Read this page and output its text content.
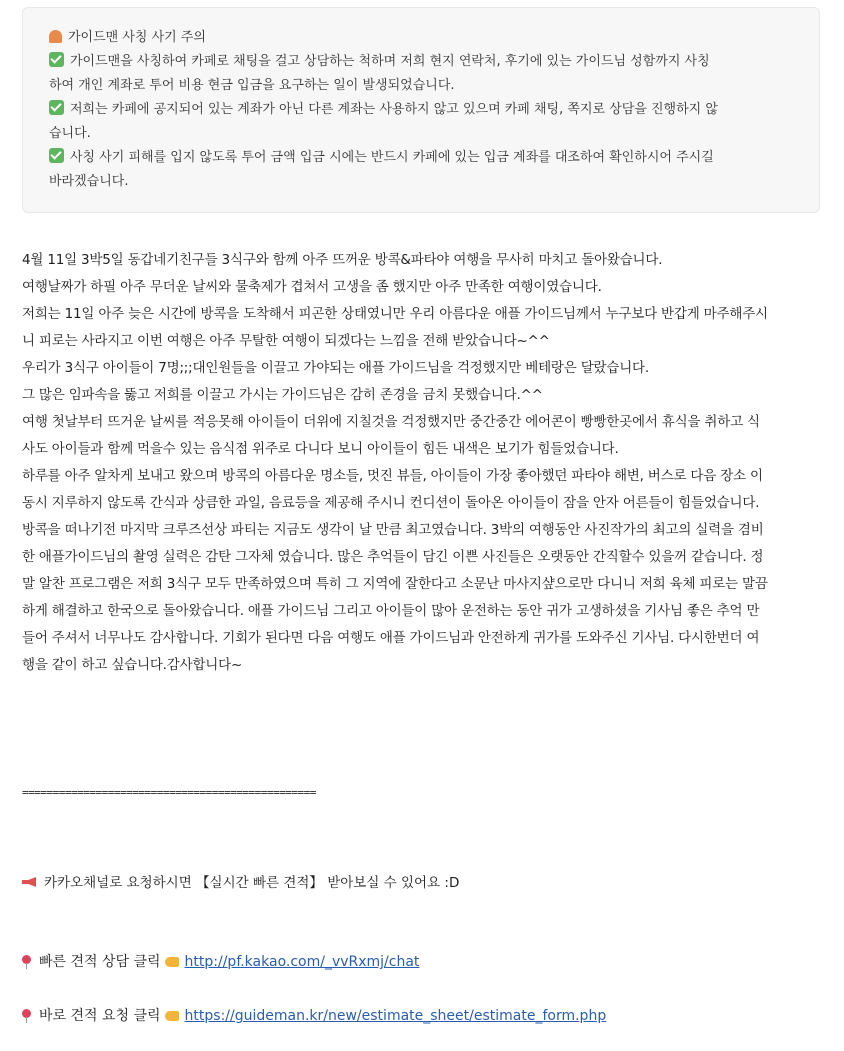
가이드맨 사칭 사기 주의
가이드맨을 사칭하여 카페로 채팅을 걸고 상담하는 척하며 저희 현지 연락처, 후기에 있는 가이드님 성함까지 사칭
하여 개인 계좌로 투어 비용 현금 입금을 요구하는 일이 발생되었습니다.
저희는 카페에 공지되어 있는 계좌가 아닌 다른 계좌는 사용하지 않고 있으며 카페 채팅, 쪽지로 상담을 진행하지 않
습니다.
사칭 사기 피해를 입지 않도록 투어 금액 입금 시에는 반드시 카페에 있는 입금 계좌를 대조하여 확인하시어 주시길
바라겠습니다.
4월 11일 3박5일 동갑네기친구들 3식구와 함께 아주 뜨꺼운 방콕&파타야 여행을 무사히 마치고 돌아왔습니다.
여행날짜가 하필 아주 무더운 날씨와 물축제가 겹쳐서 고생을 좀 했지만 아주 만족한 여행이였습니다.
저희는 11일 아주 늦은 시간에 방콕을 도착해서 피곤한 상태였니만 우리 아름다운 애플 가이드님께서 누구보다 반갑게 마주해주시
니 피로는 사라지고 이번 여행은 아주 무탈한 여행이 되겠다는 느낌을 전해 받았습니다~^^
우리가 3식구 아이들이 7명;;;대인원들을 이끌고 가야되는 애플 가이드님을 걱정했지만 베테랑은 달랐습니다.
그 많은 임파속을 뚫고 저희를 이끌고 가시는 가이드님은 감히 존경을 금치 못했습니다.^^
여행 첫날부터 뜨거운 날씨를 적응못해 아이들이 더위에 지칠것을 걱정했지만 중간중간 에어콘이 빵빵한곳에서 휴식을 취하고 식
사도 아이들과 함께 먹을수 있는 음식점 위주로 다니다 보니 아이들이 힘든 내색은 보기가 힘들었습니다.
하루를 아주 알차게 보내고 왔으며 방콕의 아름다운 명소들, 멋진 뷰들, 아이들이 가장 좋아했던 파타야 해변, 버스로 다음 장소 이
동시 지루하지 않도록 간식과 상큼한 과일, 음료등을 제공해 주시니 컨디션이 돌아온 아이들이 잠을 안자 어른들이 힘들었습니다.
방콕을 떠나기전 마지막 크루즈선상 파티는 지금도 생각이 날 만큼 최고였습니다. 3박의 여행동안 사진작가의 최고의 실력을 겸비
한 애플가이드님의 촬영 실력은 감탄 그자체 였습니다. 많은 추억들이 담긴 이쁜 사진들은 오랫동안 간직할수 있을꺼 같습니다. 정
말 알찬 프로그램은 저희 3식구 모두 만족하였으며 특히 그 지역에 잘한다고 소문난 마사지샾으로만 다니니 저희 육체 피로는 말끔
하게 해결하고 한국으로 돌아왔습니다. 애플 가이드님 그리고 아이들이 많아 운전하는 동안 귀가 고생하셨을 기사님 좋은 추억 만
들어 주셔서 너무나도 감사합니다. 기회가 된다면 다음 여행도 애플 가이드님과 안전하게 귀가를 도와주신 기사님. 다시한번더 여
행을 같이 하고 싶습니다.감사합니다~
================================================
카카오채널로 요청하시면 【실시간 빠른 견적】 받아보실 수 있어요 :D
빠른 견적 상담 클릭 http://pf.kakao.com/_vvRxmj/chat
바로 견적 요청 클릭 https://guideman.kr/new/estimate_sheet/estimate_form.php
